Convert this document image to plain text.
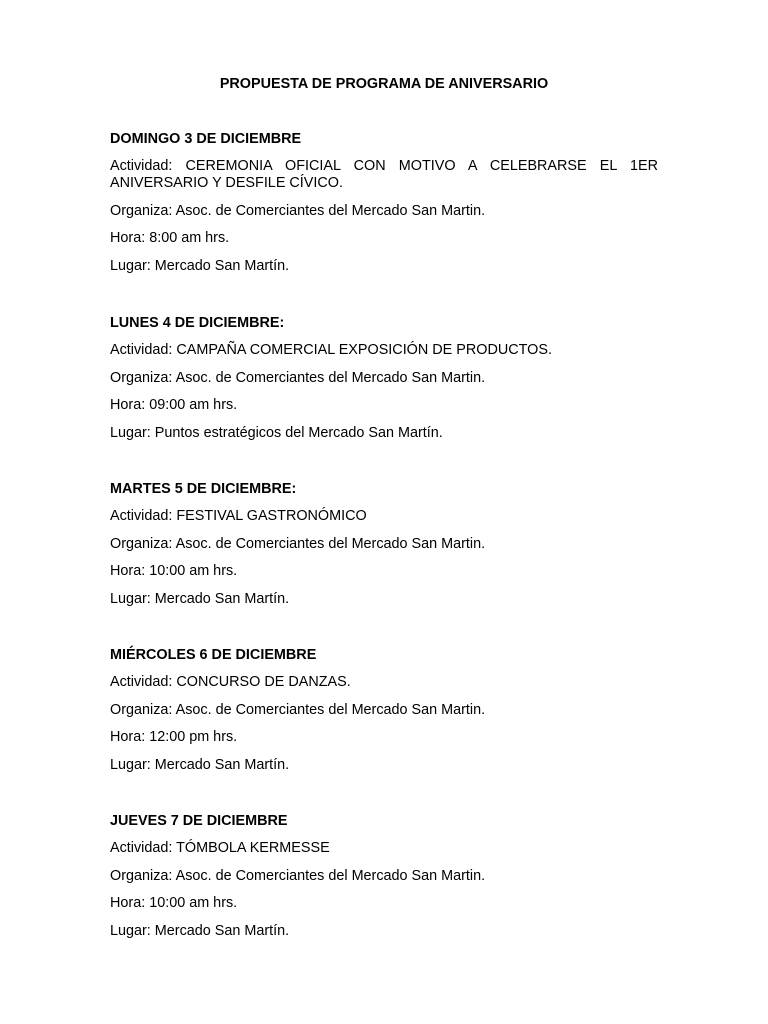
PROPUESTA DE PROGRAMA DE ANIVERSARIO

DOMINGO 3 DE DICIEMBRE

Actividad: CEREMONIA OFICIAL CON MOTIVO A CELEBRARSE EL 1ER ANIVERSARIO Y DESFILE CÍVICO.

Organiza: Asoc. de Comerciantes del Mercado San Martin.

Hora: 8:00 am hrs.

Lugar: Mercado San Martín.

LUNES 4 DE DICIEMBRE:

Actividad: CAMPAÑA COMERCIAL EXPOSICIÓN DE PRODUCTOS.

Organiza: Asoc. de Comerciantes del Mercado San Martin.

Hora: 09:00 am hrs.

Lugar: Puntos estratégicos del Mercado San Martín.

MARTES 5 DE DICIEMBRE:

Actividad: FESTIVAL GASTRONÓMICO

Organiza: Asoc. de Comerciantes del Mercado San Martin.

Hora: 10:00 am hrs.

Lugar: Mercado San Martín.

MIÉRCOLES 6 DE DICIEMBRE

Actividad: CONCURSO DE DANZAS.

Organiza: Asoc. de Comerciantes del Mercado San Martin.

Hora: 12:00 pm hrs.

Lugar: Mercado San Martín.

JUEVES 7 DE DICIEMBRE

Actividad: TÓMBOLA KERMESSE

Organiza: Asoc. de Comerciantes del Mercado San Martin.

Hora: 10:00 am hrs.

Lugar: Mercado San Martín.
